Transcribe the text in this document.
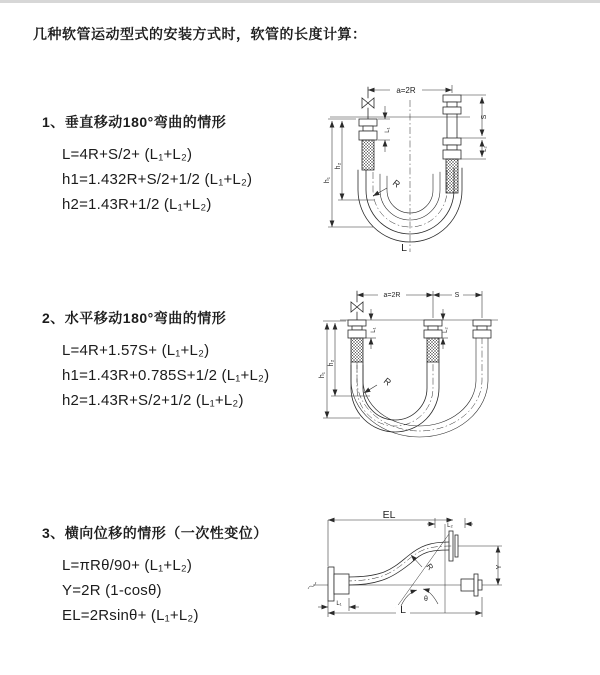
几种软管运动型式的安装方式时，软管的长度计算：
1、垂直移动180°弯曲的情形
L=4R+S/2+ (L₁+L₂)
h1=1.432R+S/2+1/2 (L₁+L₂)
h2=1.43R+1/2 (L₁+L₂)
2、水平移动180°弯曲的情形
L=4R+1.57S+ (L₁+L₂)
h1=1.43R+0.785S+1/2 (L₁+L₂)
h2=1.43R+S/2+1/2 (L₁+L₂)
3、横向位移的情形（一次性变位）
L=πRθ/90+ (L₁+L₂)
Y=2R (1-cosθ)
EL=2Rsinθ+ (L₁+L₂)
a=2R
h₁
h₂
L₁
S
L₂
R
L
a=2R	S
h₁
h₂
L₁	L₂
R
EL
L₂
Y
L
L₁
θ
R
